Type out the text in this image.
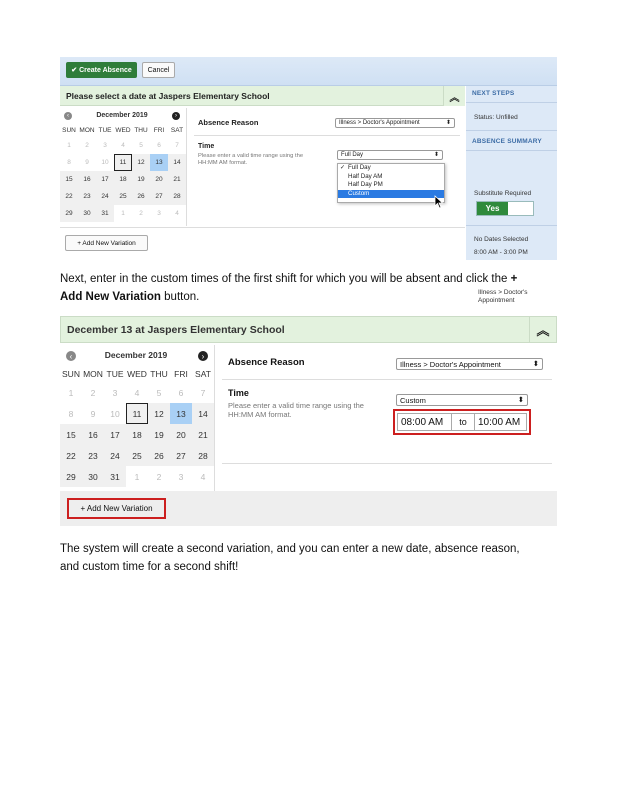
✔ Create Absence	Cancel
Please select a date at Jaspers Elementary School	︽
‹	December 2019	›
SUN MON TUE WED THU FRI	SAT
1	2	3	4	5	6	7
8	9	10	11	12	13	14
15	16	17	18	19	20	21
22	23	24	25	26	27	28
29	30	31	1	2	3	4
Absence Reason	Illness > Doctor's Appointment	⬍
Time
Please enter a valid time range using the HH:MM AM format.
Full Day	⬍
✓ Full Day
Half Day AM
Half Day PM
Custom
+ Add New Variation
NEXT STEPS
Status: Unfilled
ABSENCE SUMMARY
Substitute Required
Yes
No Dates Selected
8:00 AM - 3:00 PM
Illness > Doctor's
Appointment
Next, enter in the custom times of the first shift for which you will be absent and click the +
Add New Variation button.
December 13 at Jaspers Elementary School	︽
‹	December 2019	›
SUN MON TUE WED THU FRI SAT
1	2	3	4	5	6	7
8	9	10	11	12	13	14
15	16	17	18	19	20	21
22	23	24	25	26	27	28
29	30	31	1	2	3	4
Absence Reason	Illness > Doctor's Appointment	⬍
Time
Please enter a valid time range using the
HH:MM AM format.
Custom	⬍
08:00 AM	to	10:00 AM
+ Add New Variation
The system will create a second variation, and you can enter a new date, absence reason,
and custom time for a second shift!
